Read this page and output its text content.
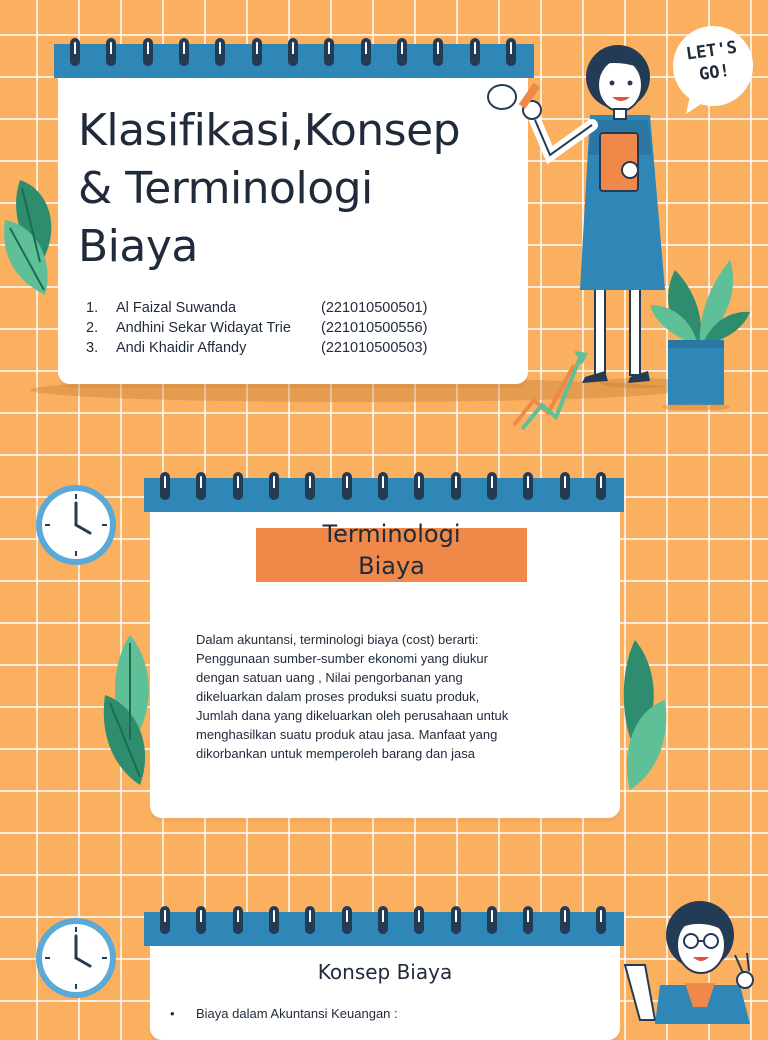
Klasifikasi,Konsep
& Terminologi
Biaya
1.	Al Faizal Suwanda	(221010500501)
2.	Andhini Sekar Widayat Trie	(221010500556)
3.	Andi Khaidir Affandy	(221010500503)
LET'S
GO!
Terminologi
Biaya
Dalam akuntansi, terminologi biaya (cost) berarti:
Penggunaan sumber-sumber ekonomi yang diukur
dengan satuan uang , Nilai pengorbanan yang
dikeluarkan dalam proses produksi suatu produk,
Jumlah dana yang dikeluarkan oleh perusahaan untuk
menghasilkan suatu produk atau jasa. Manfaat yang
dikorbankan untuk memperoleh barang dan jasa
Konsep Biaya
• Biaya dalam Akuntansi Keuangan :
